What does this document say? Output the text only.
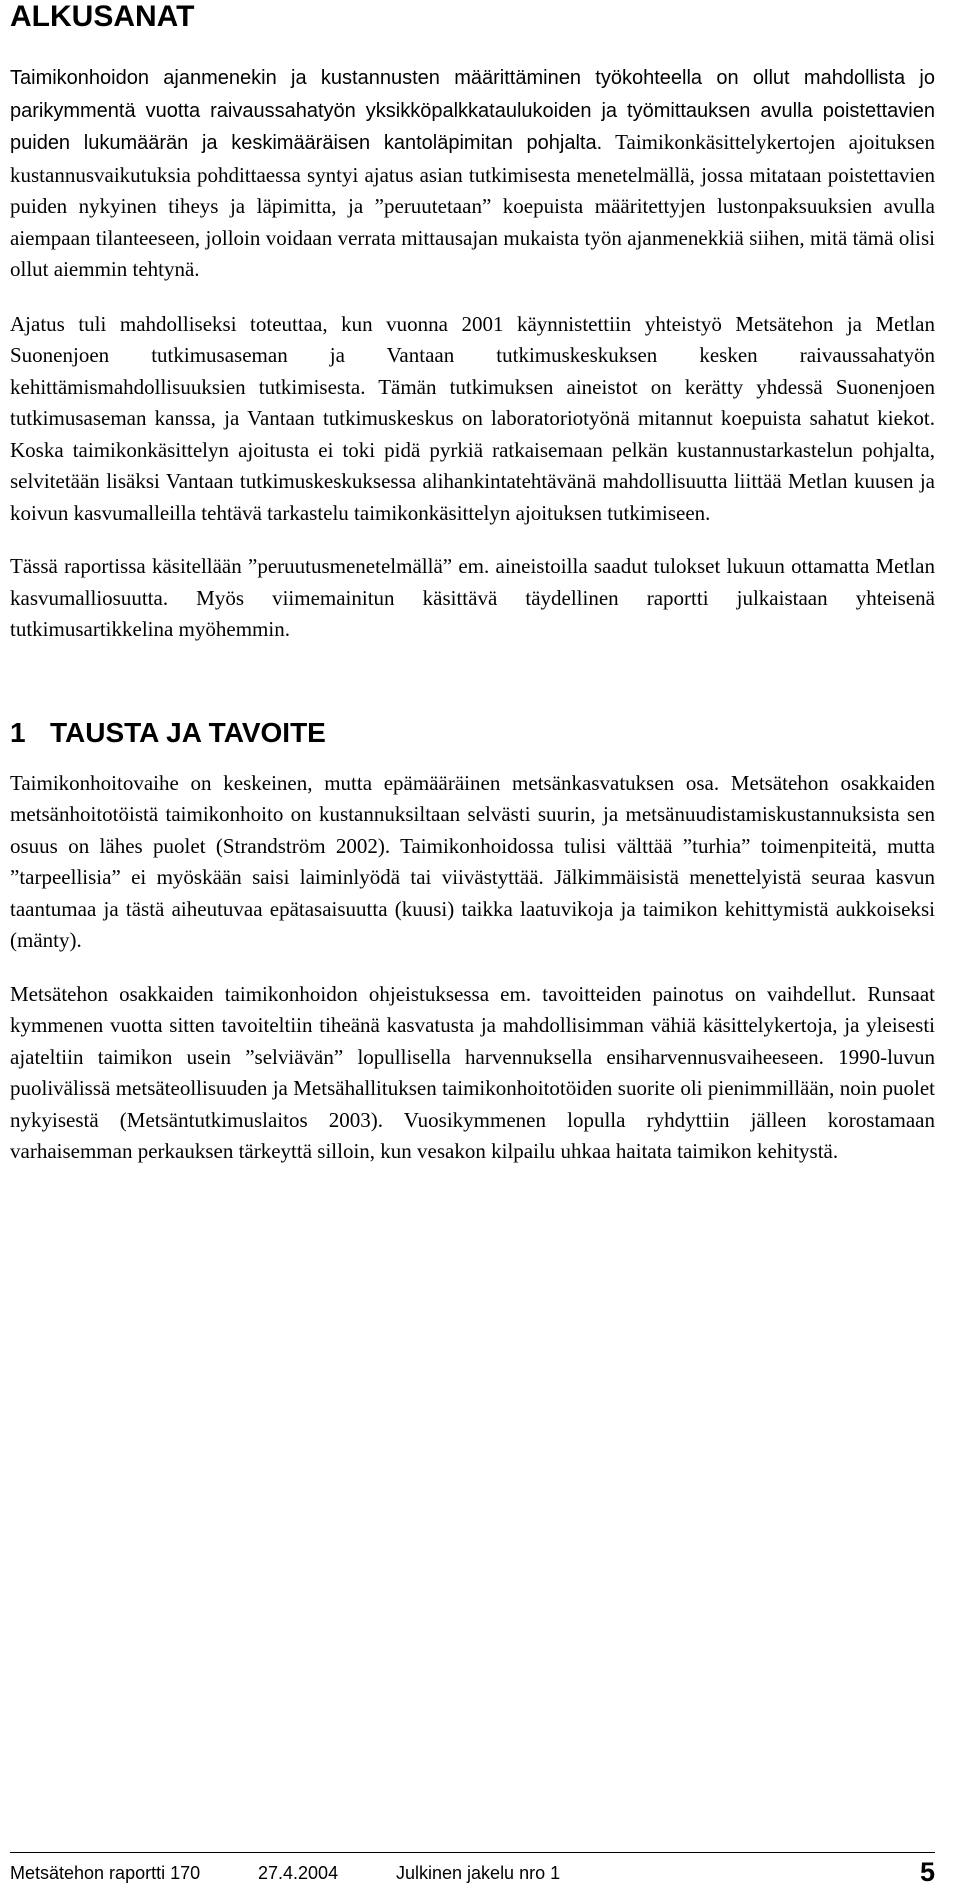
ALKUSANAT

Taimikonhoidon ajanmenekin ja kustannusten määrittäminen työkohteella on ollut mahdollista jo parikymmentä vuotta raivaussahatyön yksikköpalkkataulukoiden ja työmittauksen avulla poistettavien puiden lukumäärän ja keskimääräisen kantoläpimitan pohjalta. Taimikonkäsittelykertojen ajoituksen kustannusvaikutuksia pohdittaessa syntyi ajatus asian tutkimisesta menetelmällä, jossa mitataan poistettavien puiden nykyinen tiheys ja läpimitta, ja ”peruutetaan” koepuista määritettyjen lustonpaksuuksien avulla aiempaan tilanteeseen, jolloin voidaan verrata mittausajan mukaista työn ajanmenekkiä siihen, mitä tämä olisi ollut aiemmin tehtynä.

Ajatus tuli mahdolliseksi toteuttaa, kun vuonna 2001 käynnistettiin yhteistyö Metsätehon ja Metlan Suonenjoen tutkimusaseman ja Vantaan tutkimuskeskuksen kesken raivaussahatyön kehittämismahdollisuuksien tutkimisesta. Tämän tutkimuksen aineistot on kerätty yhdessä Suonenjoen tutkimusaseman kanssa, ja Vantaan tutkimuskeskus on laboratoriotyönä mitannut koepuista sahatut kiekot. Koska taimikonkäsittelyn ajoitusta ei toki pidä pyrkiä ratkaisemaan pelkän kustannustarkastelun pohjalta, selvitetään lisäksi Vantaan tutkimuskeskuksessa alihankintatehtävänä mahdollisuutta liittää Metlan kuusen ja koivun kasvumalleilla tehtävä tarkastelu taimikonkäsittelyn ajoituksen tutkimiseen.

Tässä raportissa käsitellään ”peruutusmenetelmällä” em. aineistoilla saadut tulokset lukuun ottamatta Metlan kasvumalliosuutta. Myös viimemainitun käsittävä täydellinen raportti julkaistaan yhteisenä tutkimusartikkelina myöhemmin.

1 TAUSTA JA TAVOITE

Taimikonhoitovaihe on keskeinen, mutta epämääräinen metsänkasvatuksen osa. Metsätehon osakkaiden metsänhoitotöistä taimikonhoito on kustannuksiltaan selvästi suurin, ja metsänuudistamiskustannuksista sen osuus on lähes puolet (Strandström 2002). Taimikonhoidossa tulisi välttää ”turhia” toimenpiteitä, mutta ”tarpeellisia” ei myöskään saisi laiminlyödä tai viivästyttää. Jälkimmäisistä menettelyistä seuraa kasvun taantumaa ja tästä aiheutuvaa epätasaisuutta (kuusi) taikka laatuvikoja ja taimikon kehittymistä aukkoiseksi (mänty).

Metsätehon osakkaiden taimikonhoidon ohjeistuksessa em. tavoitteiden painotus on vaihdellut. Runsaat kymmenen vuotta sitten tavoiteltiin tiheänä kasvatusta ja mahdollisimman vähiä käsittelykertoja, ja yleisesti ajateltiin taimikon usein ”selviävän” lopullisella harvennuksella ensiharvennusvaiheeseen. 1990-luvun puolivälissä metsäteollisuuden ja Metsähallituksen taimikonhoitotöiden suorite oli pienimmillään, noin puolet nykyisestä (Metsäntutkimuslaitos 2003). Vuosikymmenen lopulla ryhdyttiin jälleen korostamaan varhaisemman perkauksen tärkeyttä silloin, kun vesakon kilpailu uhkaa haitata taimikon kehitystä.

Metsätehon raportti 170	27.4.2004	Julkinen jakelu nro 1	5
